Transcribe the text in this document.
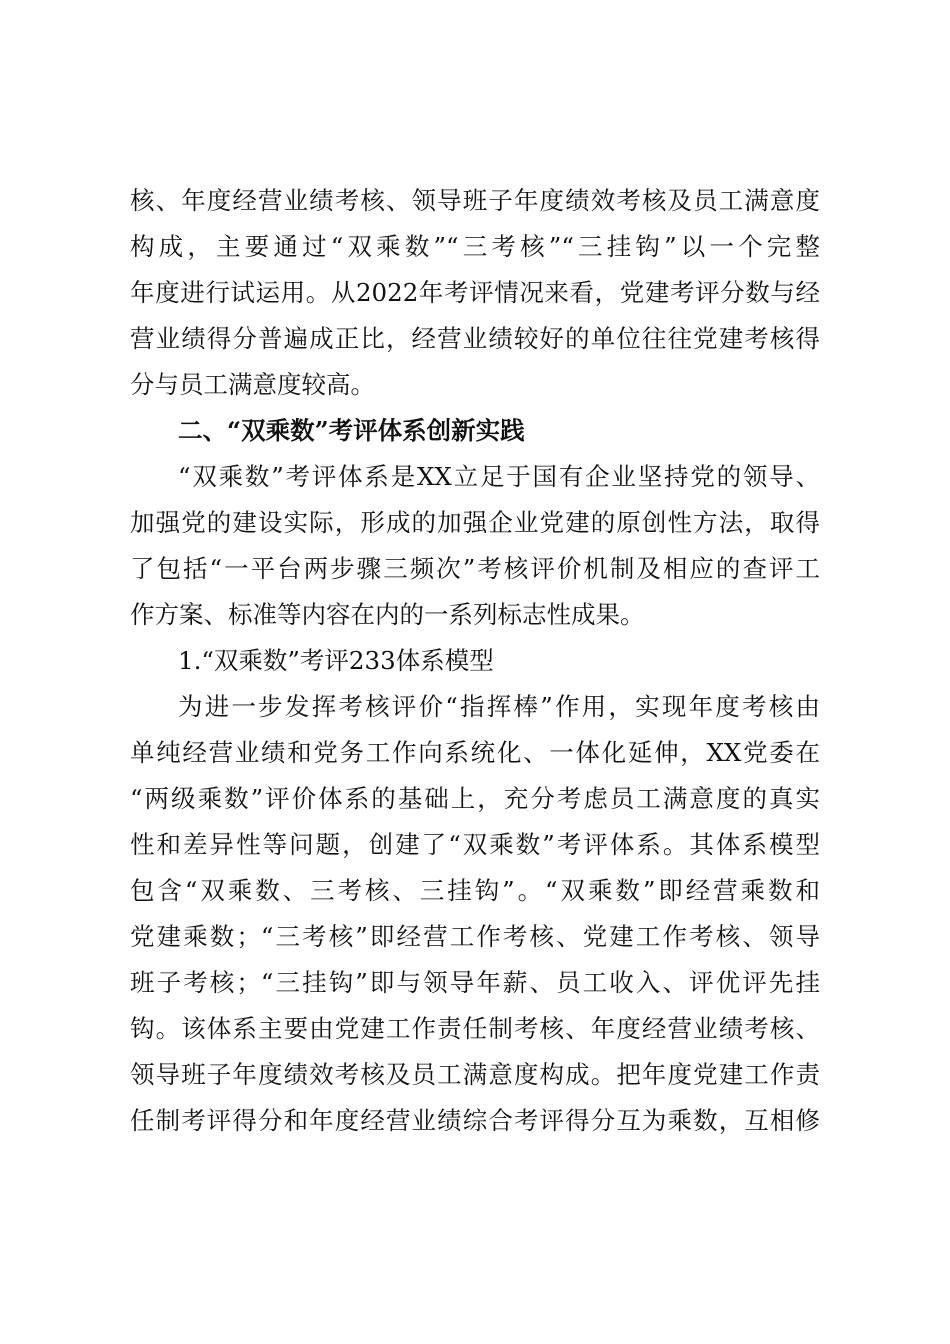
核、年度经营业绩考核、领导班子年度绩效考核及员工满意度
构成，主要通过“双乘数”“三考核”“三挂钩”以一个完整
年度进行试运用。从2022年考评情况来看，党建考评分数与经
营业绩得分普遍成正比，经营业绩较好的单位往往党建考核得
分与员工满意度较高。
二、“双乘数”考评体系创新实践
“双乘数”考评体系是XX立足于国有企业坚持党的领导、
加强党的建设实际，形成的加强企业党建的原创性方法，取得
了包括“一平台两步骤三频次”考核评价机制及相应的查评工
作方案、标准等内容在内的一系列标志性成果。
1.“双乘数”考评233体系模型
为进一步发挥考核评价“指挥棒”作用，实现年度考核由
单纯经营业绩和党务工作向系统化、一体化延伸，XX党委在
“两级乘数”评价体系的基础上，充分考虑员工满意度的真实
性和差异性等问题，创建了“双乘数”考评体系。其体系模型
包含“双乘数、三考核、三挂钩”。“双乘数”即经营乘数和
党建乘数；“三考核”即经营工作考核、党建工作考核、领导
班子考核；“三挂钩”即与领导年薪、员工收入、评优评先挂
钩。该体系主要由党建工作责任制考核、年度经营业绩考核、
领导班子年度绩效考核及员工满意度构成。把年度党建工作责
任制考评得分和年度经营业绩综合考评得分互为乘数，互相修
